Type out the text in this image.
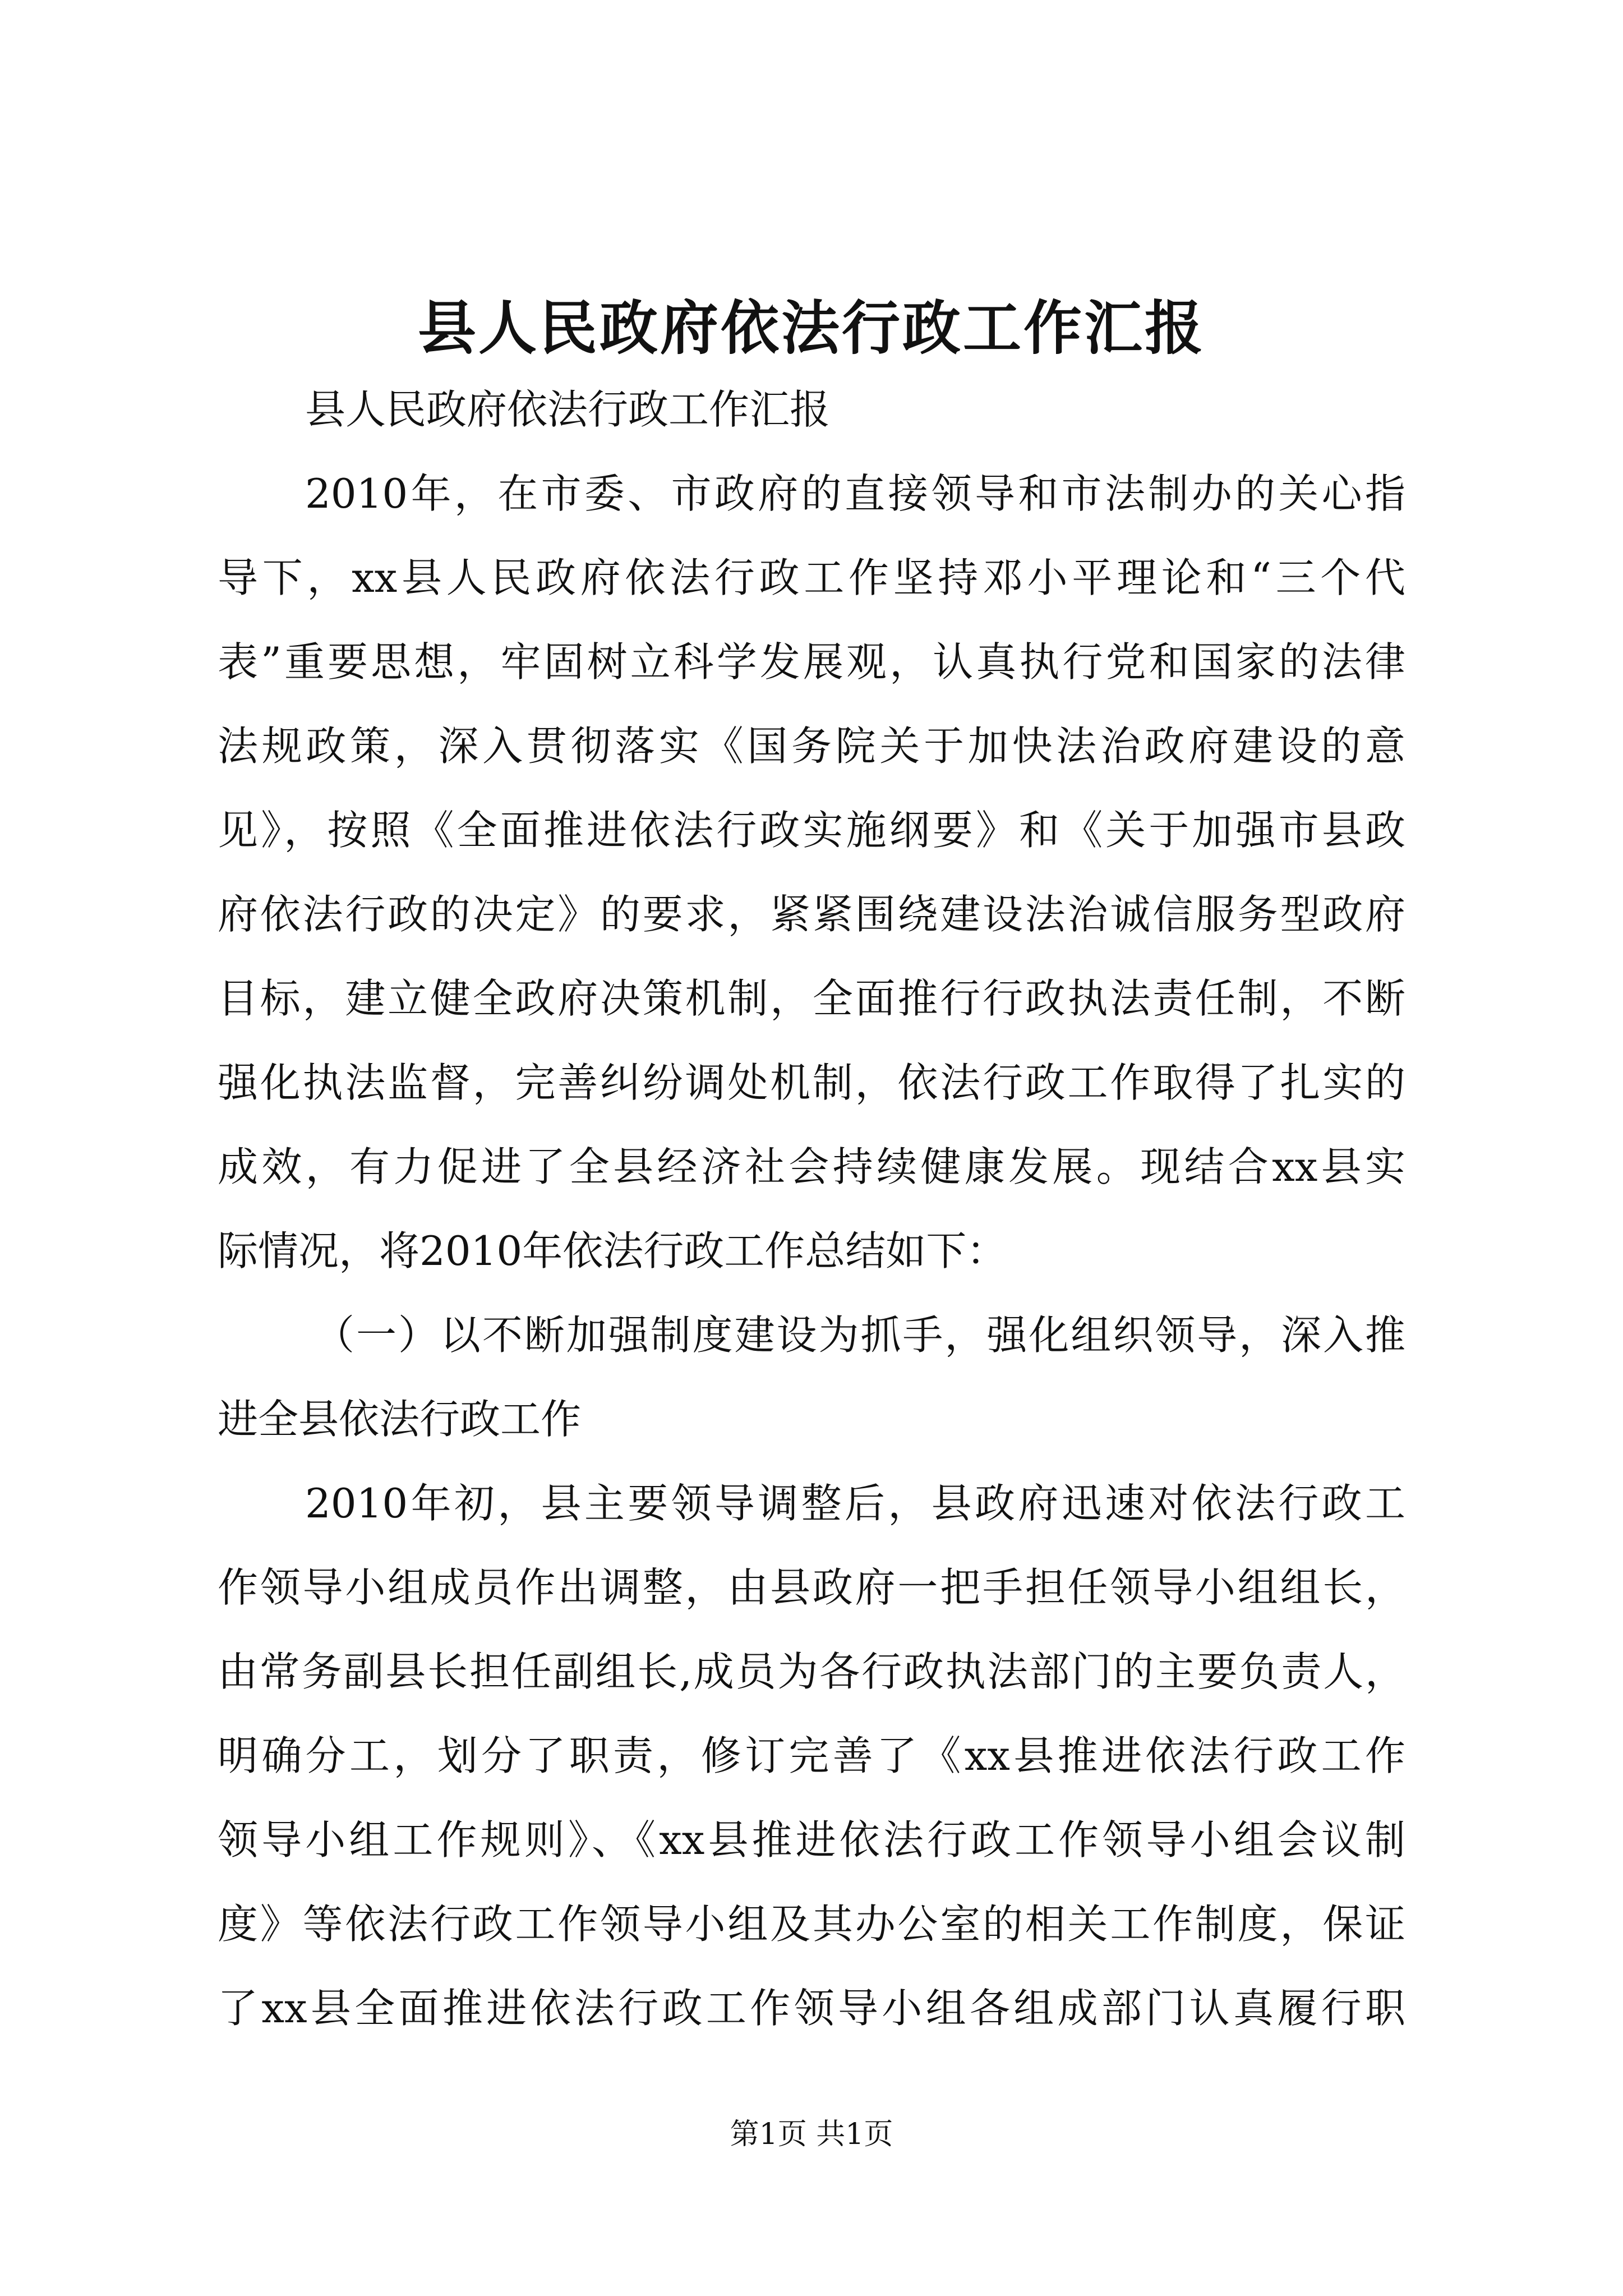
县人民政府依法行政工作汇报
县人民政府依法行政工作汇报
2010年，在市委、市政府的直接领导和市法制办的关心指
导下，xx县人民政府依法行政工作坚持邓小平理论和“三个代
表”重要思想，牢固树立科学发展观，认真执行党和国家的法律
法规政策，深入贯彻落实《国务院关于加快法治政府建设的意
见》，按照《全面推进依法行政实施纲要》和《关于加强市县政
府依法行政的决定》的要求，紧紧围绕建设法治诚信服务型政府
目标，建立健全政府决策机制，全面推行行政执法责任制，不断
强化执法监督，完善纠纷调处机制，依法行政工作取得了扎实的
成效，有力促进了全县经济社会持续健康发展。现结合xx县实
际情况，将2010年依法行政工作总结如下：
（一）以不断加强制度建设为抓手，强化组织领导，深入推
进全县依法行政工作
2010年初，县主要领导调整后，县政府迅速对依法行政工
作领导小组成员作出调整，由县政府一把手担任领导小组组长，
由常务副县长担任副组长,成员为各行政执法部门的主要负责人，
明确分工，划分了职责，修订完善了《xx县推进依法行政工作
领导小组工作规则》、《xx县推进依法行政工作领导小组会议制
度》等依法行政工作领导小组及其办公室的相关工作制度，保证
了xx县全面推进依法行政工作领导小组各组成部门认真履行职
第1页 共1页
